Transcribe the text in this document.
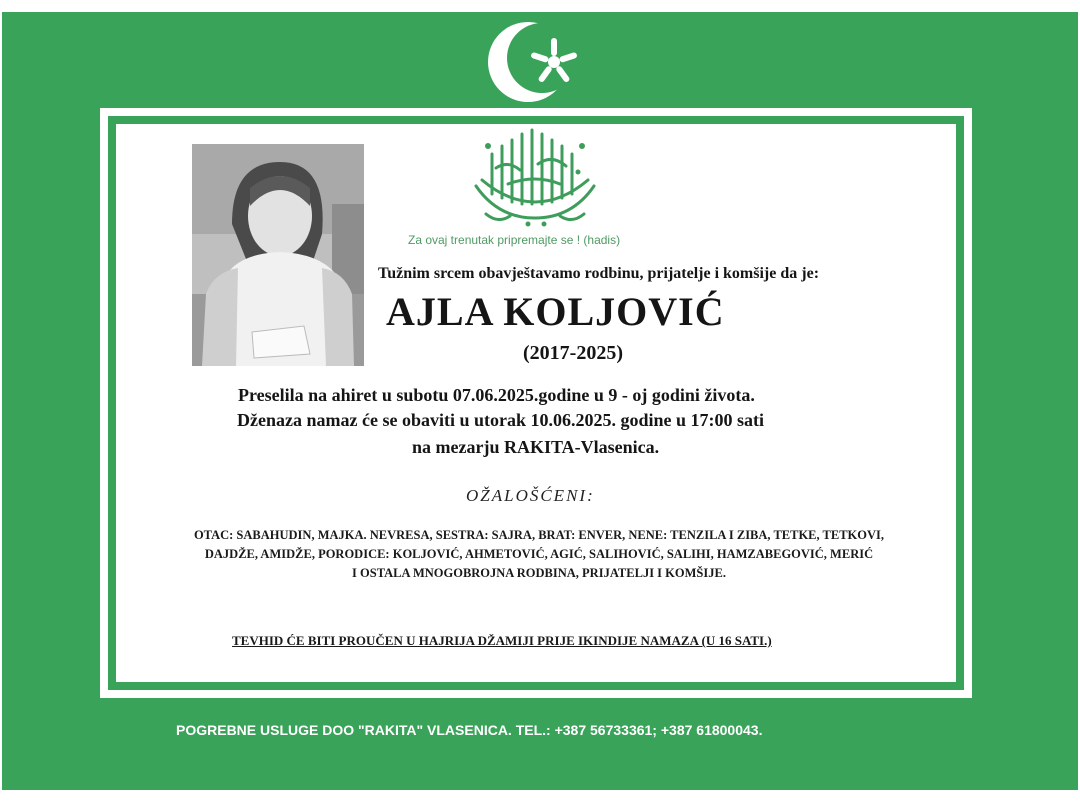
Za ovaj trenutak pripremajte se ! (hadis)
Tužnim srcem obavještavamo rodbinu, prijatelje i komšije da je:
AJLA KOLJOVIĆ
(2017-2025)
Preselila na ahiret u subotu 07.06.2025.godine u 9 - oj godini života.
Dženaza namaz će se obaviti u utorak 10.06.2025. godine u 17:00 sati
na mezarju RAKITA-Vlasenica.
OŽALOŠĆENI:
OTAC: SABAHUDIN, MAJKA. NEVRESA, SESTRA: SAJRA, BRAT: ENVER, NENE: TENZILA I ZIBA, TETKE, TETKOVI,
DAJDŽE, AMIDŽE, PORODICE: KOLJOVIĆ, AHMETOVIĆ, AGIĆ, SALIHOVIĆ, SALIHI, HAMZABEGOVIĆ, MERIĆ
I OSTALA MNOGOBROJNA RODBINA, PRIJATELJI I KOMŠIJE.
TEVHID ĆE BITI PROUČEN U HAJRIJA DŽAMIJI PRIJE IKINDIJE NAMAZA (U 16 SATI.)
POGREBNE USLUGE DOO "RAKITA" VLASENICA. TEL.: +387 56733361; +387 61800043.
